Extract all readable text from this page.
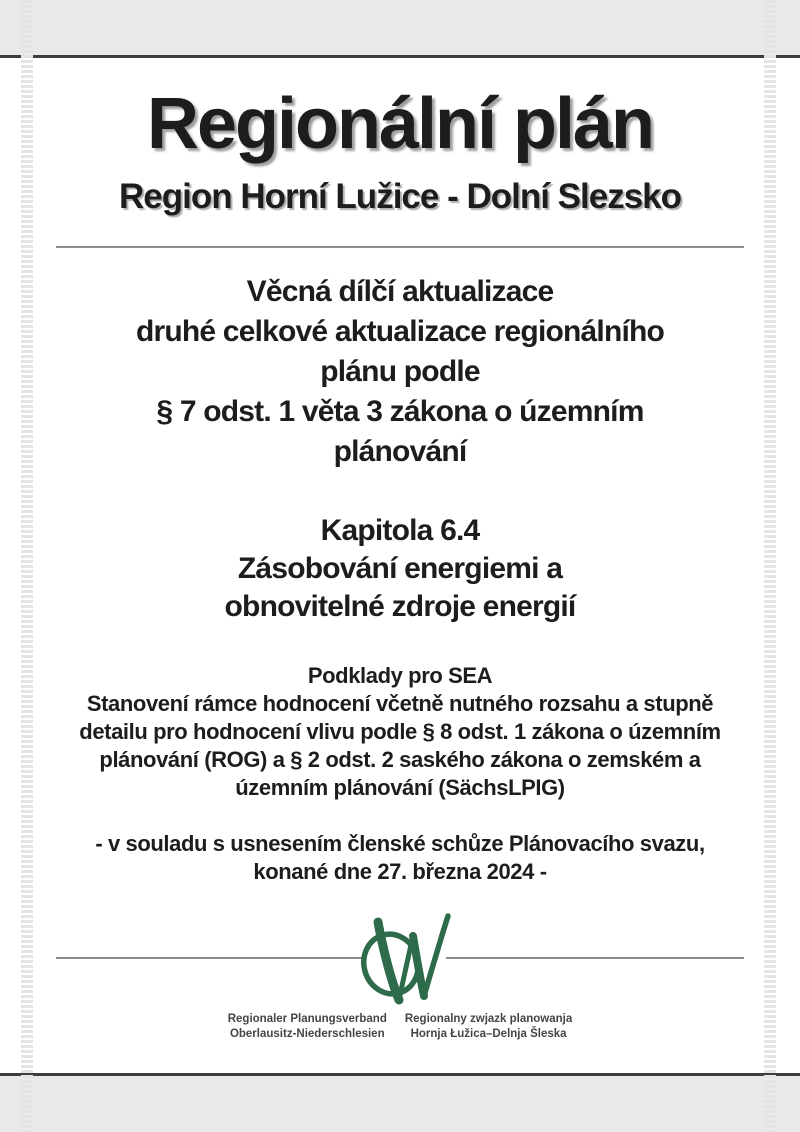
Regionální plán
Region Horní Lužice - Dolní Slezsko
Věcná dílčí aktualizace
druhé celkové aktualizace regionálního
plánu podle
§ 7 odst. 1 věta 3 zákona o územním
plánování
Kapitola 6.4
Zásobování energiemi a
obnovitelné zdroje energií
Podklady pro SEA
Stanovení rámce hodnocení včetně nutného rozsahu a stupně
detailu pro hodnocení vlivu podle § 8 odst. 1 zákona o územním
plánování (ROG) a § 2 odst. 2 saského zákona o zemském a
územním plánování (SächsLPIG)
- v souladu s usnesením členské schůze Plánovacího svazu,
konané dne 27. března 2024 -
Regionaler Planungsverband
Oberlausitz-Niederschlesien
Regionalny zwjazk planowanja
Hornja Łužica–Delnja Šleska
